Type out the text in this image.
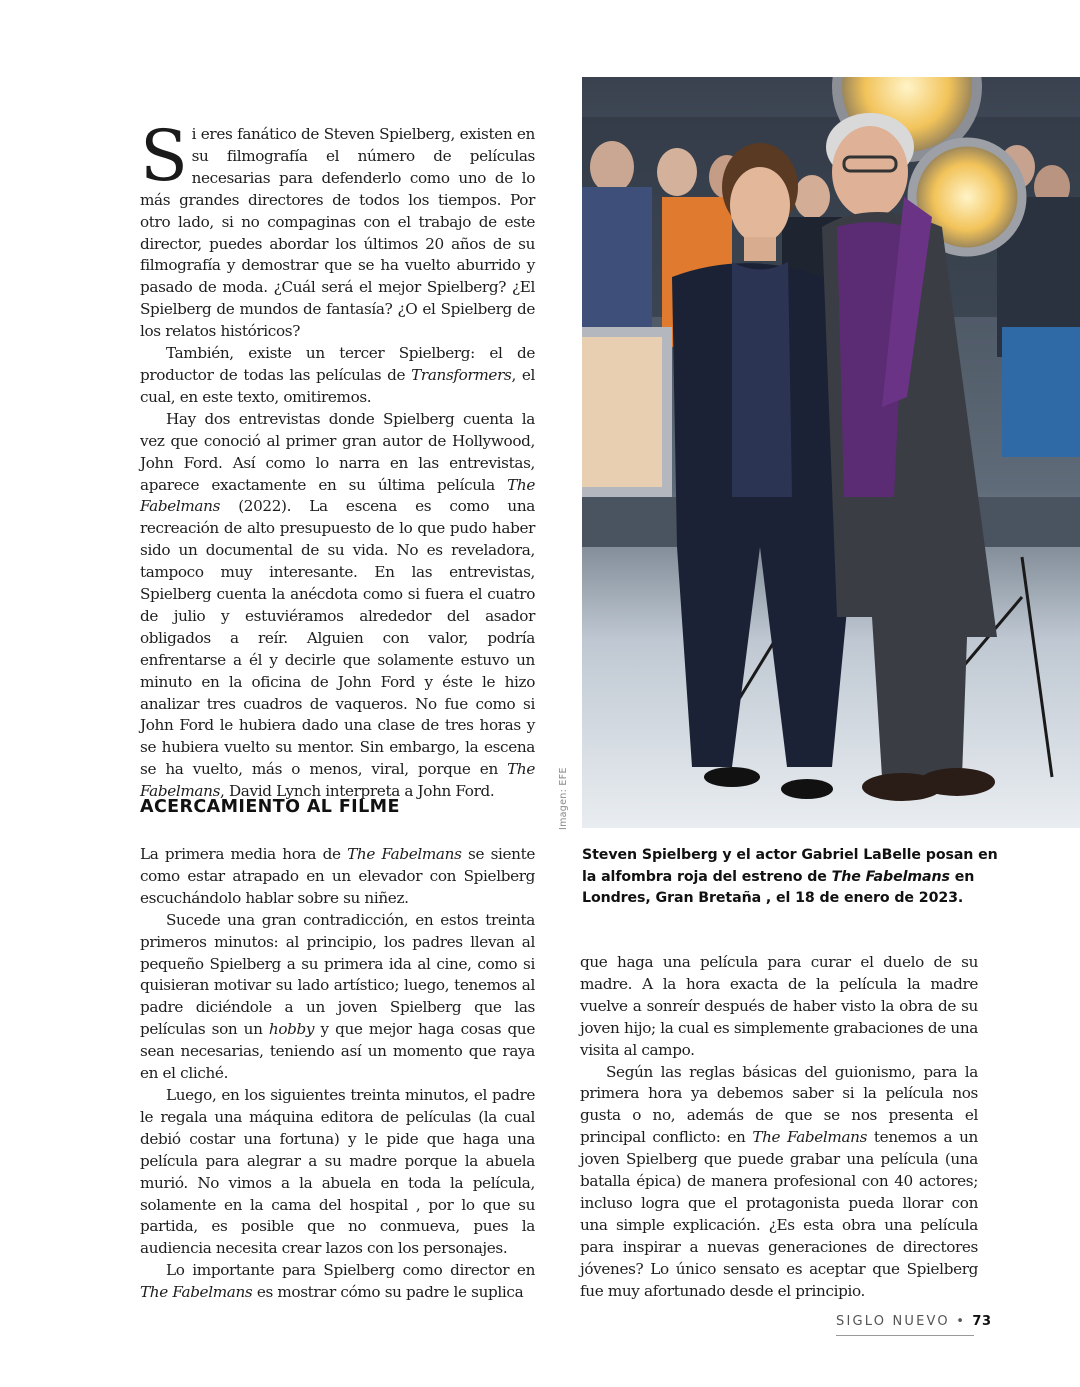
Si eres fanático de Steven Spielberg, existen en su filmografía el número de películas necesarias para defenderlo como uno de lo más grandes directores de todos los tiempos. Por otro lado, si no compaginas con el trabajo de este director, puedes abordar los últimos 20 años de su filmografía y demostrar que se ha vuelto aburrido y pasado de moda. ¿Cuál será el mejor Spielberg? ¿El Spielberg de mundos de fantasía? ¿O el Spielberg de los relatos históricos?

También, existe un tercer Spielberg: el de productor de todas las películas de Transformers, el cual, en este texto, omitiremos.

Hay dos entrevistas donde Spielberg cuenta la vez que conoció al primer gran autor de Hollywood, John Ford. Así como lo narra en las entrevistas, aparece exactamente en su última película The Fabelmans (2022). La escena es como una recreación de alto presupuesto de lo que pudo haber sido un documental de su vida. No es reveladora, tampoco muy interesante. En las entrevistas, Spielberg cuenta la anécdota como si fuera el cuatro de julio y estuviéramos alrededor del asador obligados a reír. Alguien con valor, podría enfrentarse a él y decirle que solamente estuvo un minuto en la oficina de John Ford y éste le hizo analizar tres cuadros de vaqueros. No fue como si John Ford le hubiera dado una clase de tres horas y se hubiera vuelto su mentor. Sin embargo, la escena se ha vuelto, más o menos, viral, porque en The Fabelmans, David Lynch interpreta a John Ford.

ACERCAMIENTO AL FILME

La primera media hora de The Fabelmans se siente como estar atrapado en un elevador con Spielberg escuchándolo hablar sobre su niñez.

Sucede una gran contradicción, en estos treinta primeros minutos: al principio, los padres llevan al pequeño Spielberg a su primera ida al cine, como si quisieran motivar su lado artístico; luego, tenemos al padre diciéndole a un joven Spielberg que las películas son un hobby y que mejor haga cosas que sean necesarias, teniendo así un momento que raya en el cliché.

Luego, en los siguientes treinta minutos, el padre le regala una máquina editora de películas (la cual debió costar una fortuna) y le pide que haga una película para alegrar a su madre porque la abuela murió. No vimos a la abuela en toda la película, solamente en la cama del hospital , por lo que su partida, es posible que no conmueva, pues la audiencia necesita crear lazos con los personajes.

Lo importante para Spielberg como director en The Fabelmans es mostrar cómo su padre le suplica

Imagen: EFE
Steven Spielberg y el actor Gabriel LaBelle posan en la alfombra roja del estreno de The Fabelmans en Londres, Gran Bretaña , el 18 de enero de 2023.

que haga una película para curar el duelo de su madre. A la hora exacta de la película la madre vuelve a sonreír después de haber visto la obra de su joven hijo; la cual es simplemente grabaciones de una visita al campo.

Según las reglas básicas del guionismo, para la primera hora ya debemos saber si la película nos gusta o no, además de que se nos presenta el principal conflicto: en The Fabelmans tenemos a un joven Spielberg que puede grabar una película (una batalla épica) de manera profesional con 40 actores; incluso logra que el protagonista pueda llorar con una simple explicación. ¿Es esta obra una película para inspirar a nuevas generaciones de directores jóvenes? Lo único sensato es aceptar que Spielberg fue muy afortunado desde el principio.

SIGLO NUEVO • 73
